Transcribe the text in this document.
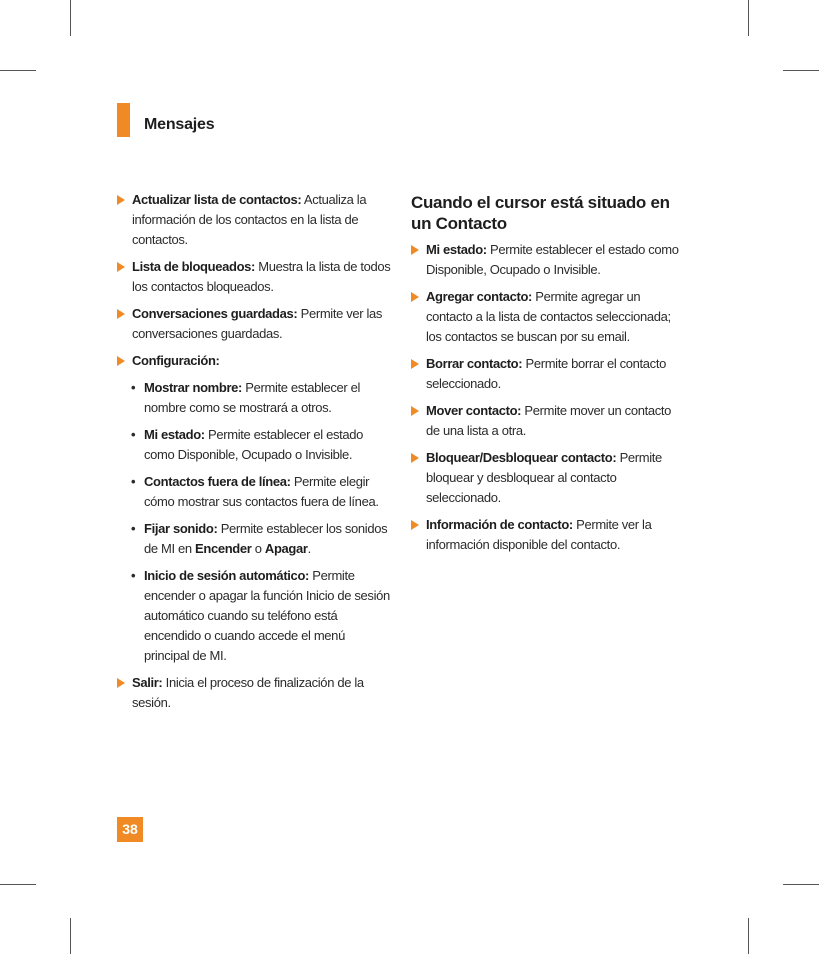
Mensajes
Actualizar lista de contactos: Actualiza la información de los contactos en la lista de contactos.
Lista de bloqueados: Muestra la lista de todos los contactos bloqueados.
Conversaciones guardadas: Permite ver las conversaciones guardadas.
Configuración:
• Mostrar nombre: Permite establecer el nombre como se mostrará a otros.
• Mi estado: Permite establecer el estado como Disponible, Ocupado o Invisible.
• Contactos fuera de línea: Permite elegir cómo mostrar sus contactos fuera de línea.
• Fijar sonido: Permite establecer los sonidos de MI en Encender o Apagar.
• Inicio de sesión automático: Permite encender o apagar la función Inicio de sesión automático cuando su teléfono está encendido o cuando accede el menú principal de MI.
Salir: Inicia el proceso de finalización de la sesión.
Cuando el cursor está situado en un Contacto
Mi estado: Permite establecer el estado como Disponible, Ocupado o Invisible.
Agregar contacto: Permite agregar un contacto a la lista de contactos seleccionada; los contactos se buscan por su email.
Borrar contacto: Permite borrar el contacto seleccionado.
Mover contacto: Permite mover un contacto de una lista a otra.
Bloquear/Desbloquear contacto: Permite bloquear y desbloquear al contacto seleccionado.
Información de contacto: Permite ver la información disponible del contacto.
38
